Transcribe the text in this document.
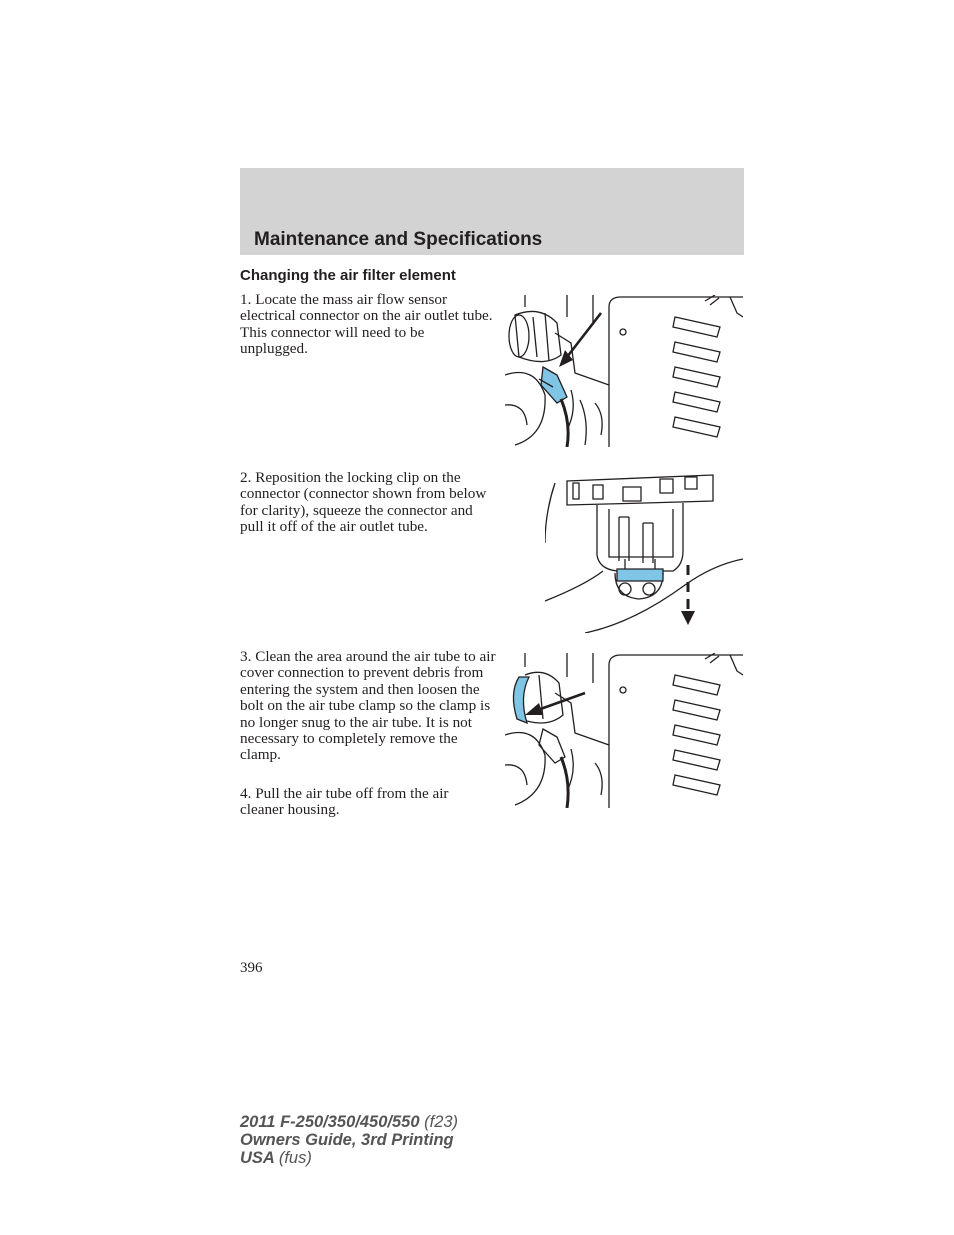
Maintenance and Specifications
Changing the air filter element

1. Locate the mass air flow sensor electrical connector on the air outlet tube. This connector will need to be unplugged.

2. Reposition the locking clip on the connector (connector shown from below for clarity), squeeze the connector and pull it off of the air outlet tube.

3. Clean the area around the air tube to air cover connection to prevent debris from entering the system and then loosen the bolt on the air tube clamp so the clamp is no longer snug to the air tube. It is not necessary to completely remove the clamp.

4. Pull the air tube off from the air cleaner housing.

396

2011 F-250/350/450/550 (f23)
Owners Guide, 3rd Printing
USA (fus)
